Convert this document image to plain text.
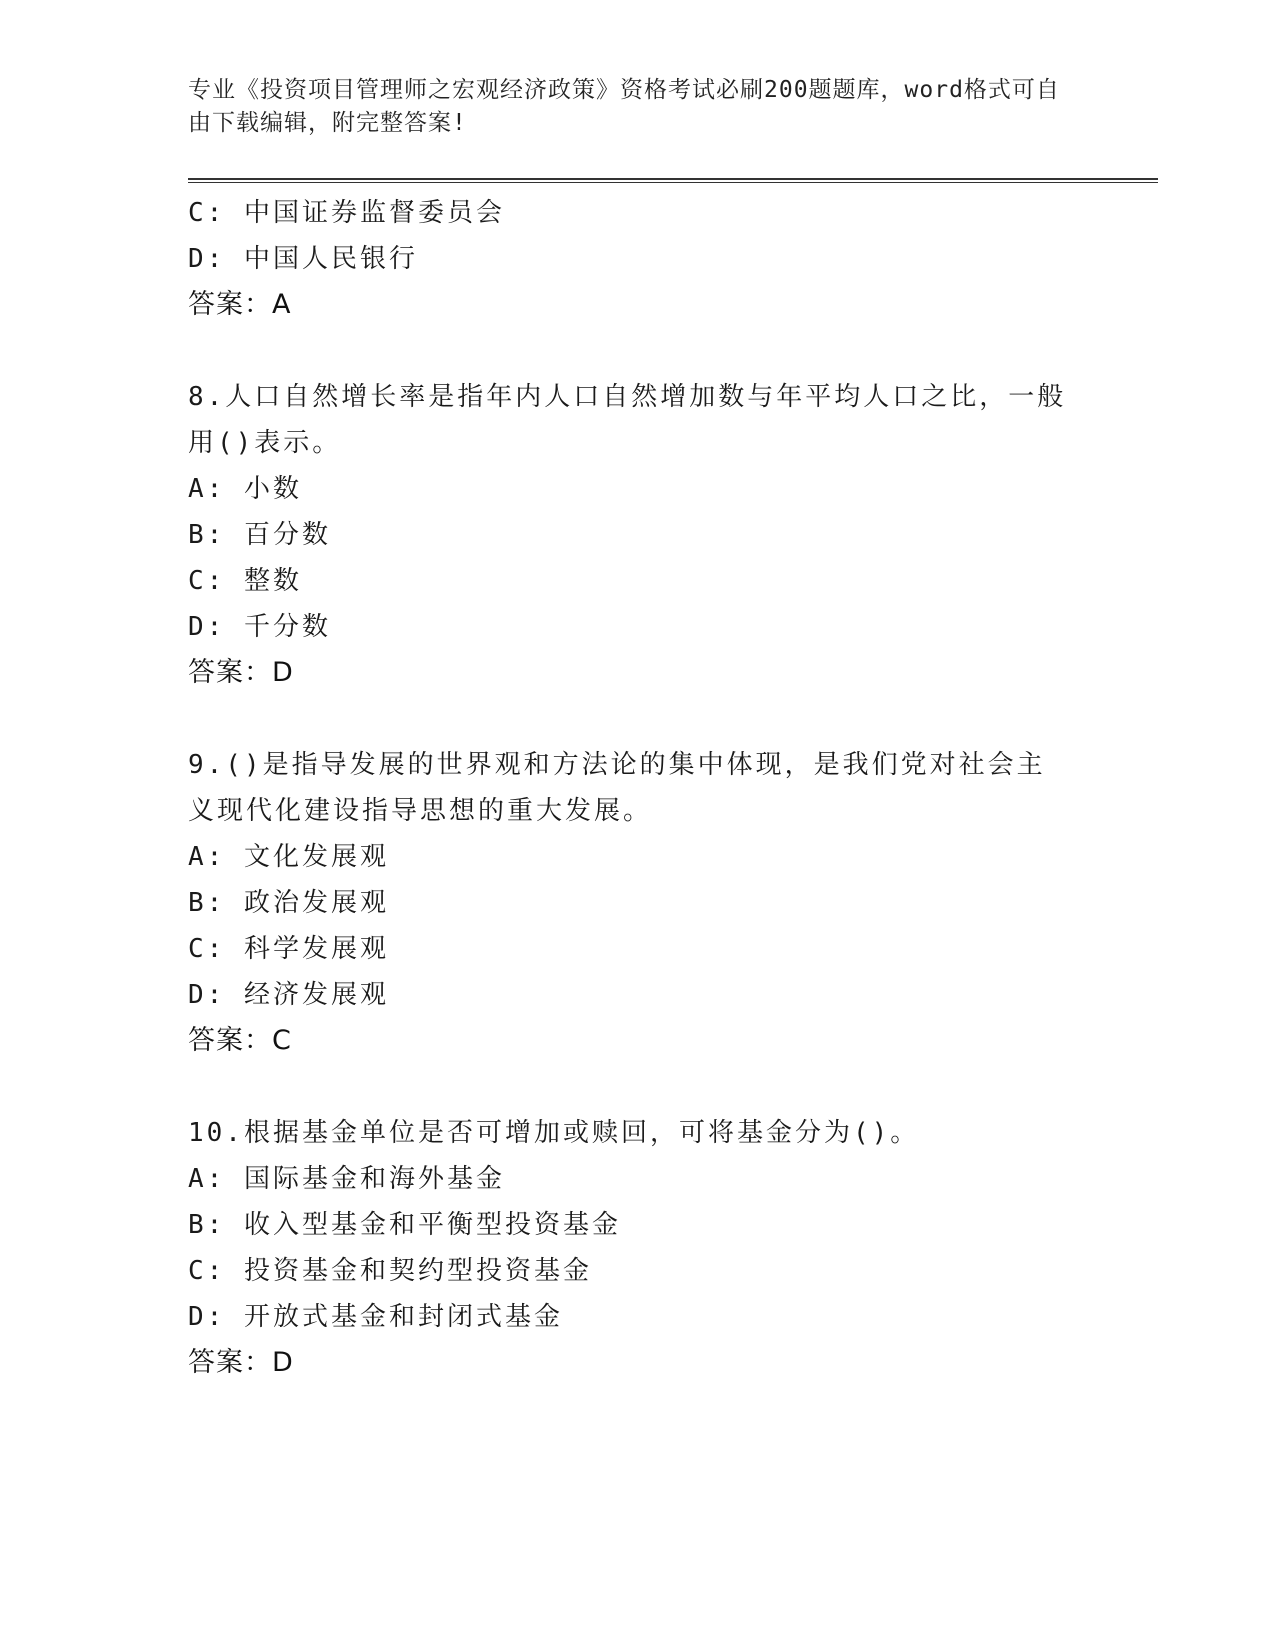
专业《投资项目管理师之宏观经济政策》资格考试必刷200题题库，word格式可自由下载编辑，附完整答案!
C: 中国证券监督委员会
D: 中国人民银行
答案：A
8.人口自然增长率是指年内人口自然增加数与年平均人口之比，一般用()表示。
A: 小数
B: 百分数
C: 整数
D: 千分数
答案：D
9.()是指导发展的世界观和方法论的集中体现，是我们党对社会主义现代化建设指导思想的重大发展。
A: 文化发展观
B: 政治发展观
C: 科学发展观
D: 经济发展观
答案：C
10.根据基金单位是否可增加或赎回，可将基金分为()。
A: 国际基金和海外基金
B: 收入型基金和平衡型投资基金
C: 投资基金和契约型投资基金
D: 开放式基金和封闭式基金
答案：D
